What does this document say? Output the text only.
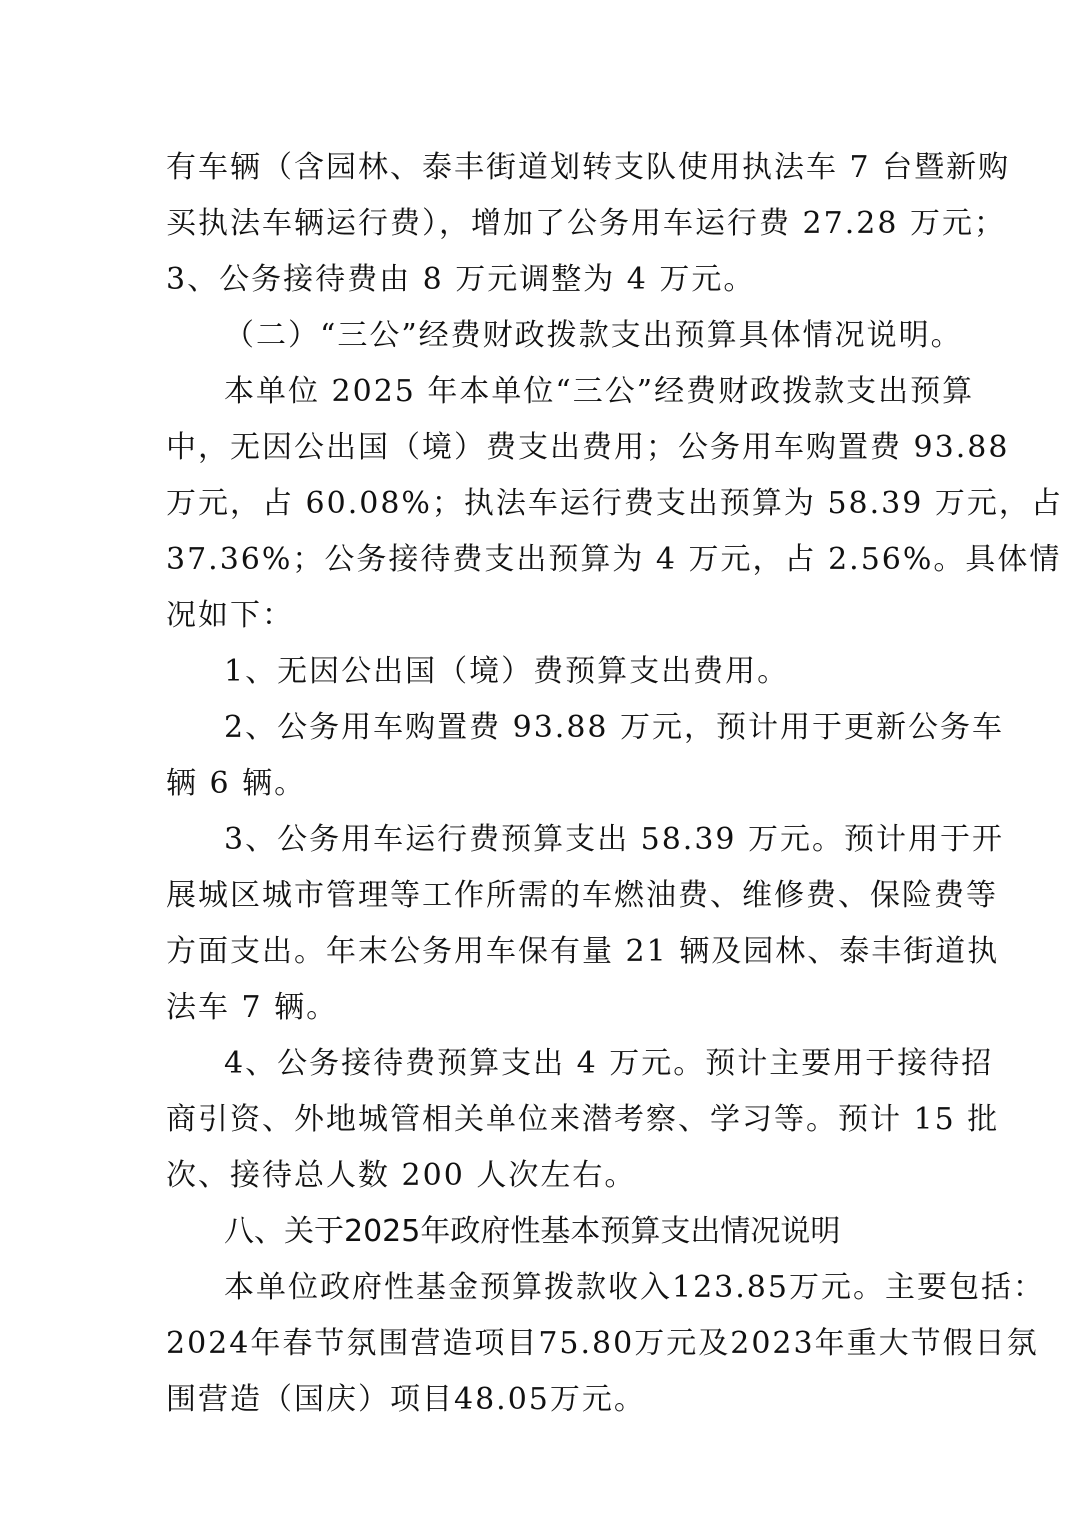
有车辆（含园林、泰丰街道划转支队使用执法车 7 台暨新购
买执法车辆运行费），增加了公务用车运行费 27.28 万元；
3、公务接待费由 8 万元调整为 4 万元。
（二）“三公”经费财政拨款支出预算具体情况说明。
本单位 2025 年本单位“三公”经费财政拨款支出预算
中，无因公出国（境）费支出费用；公务用车购置费 93.88
万元，占 60.08%；执法车运行费支出预算为 58.39 万元，占
37.36%；公务接待费支出预算为 4 万元，占 2.56%。具体情
况如下：
1、无因公出国（境）费预算支出费用。
2、公务用车购置费 93.88 万元，预计用于更新公务车
辆 6 辆。
3、公务用车运行费预算支出 58.39 万元。预计用于开
展城区城市管理等工作所需的车燃油费、维修费、保险费等
方面支出。年末公务用车保有量 21 辆及园林、泰丰街道执
法车 7 辆。
4、公务接待费预算支出 4 万元。预计主要用于接待招
商引资、外地城管相关单位来潜考察、学习等。预计 15 批
次、接待总人数 200 人次左右。
八、关于2025年政府性基本预算支出情况说明
本单位政府性基金预算拨款收入123.85万元。主要包括：
2024年春节氛围营造项目75.80万元及2023年重大节假日氛
围营造（国庆）项目48.05万元。
